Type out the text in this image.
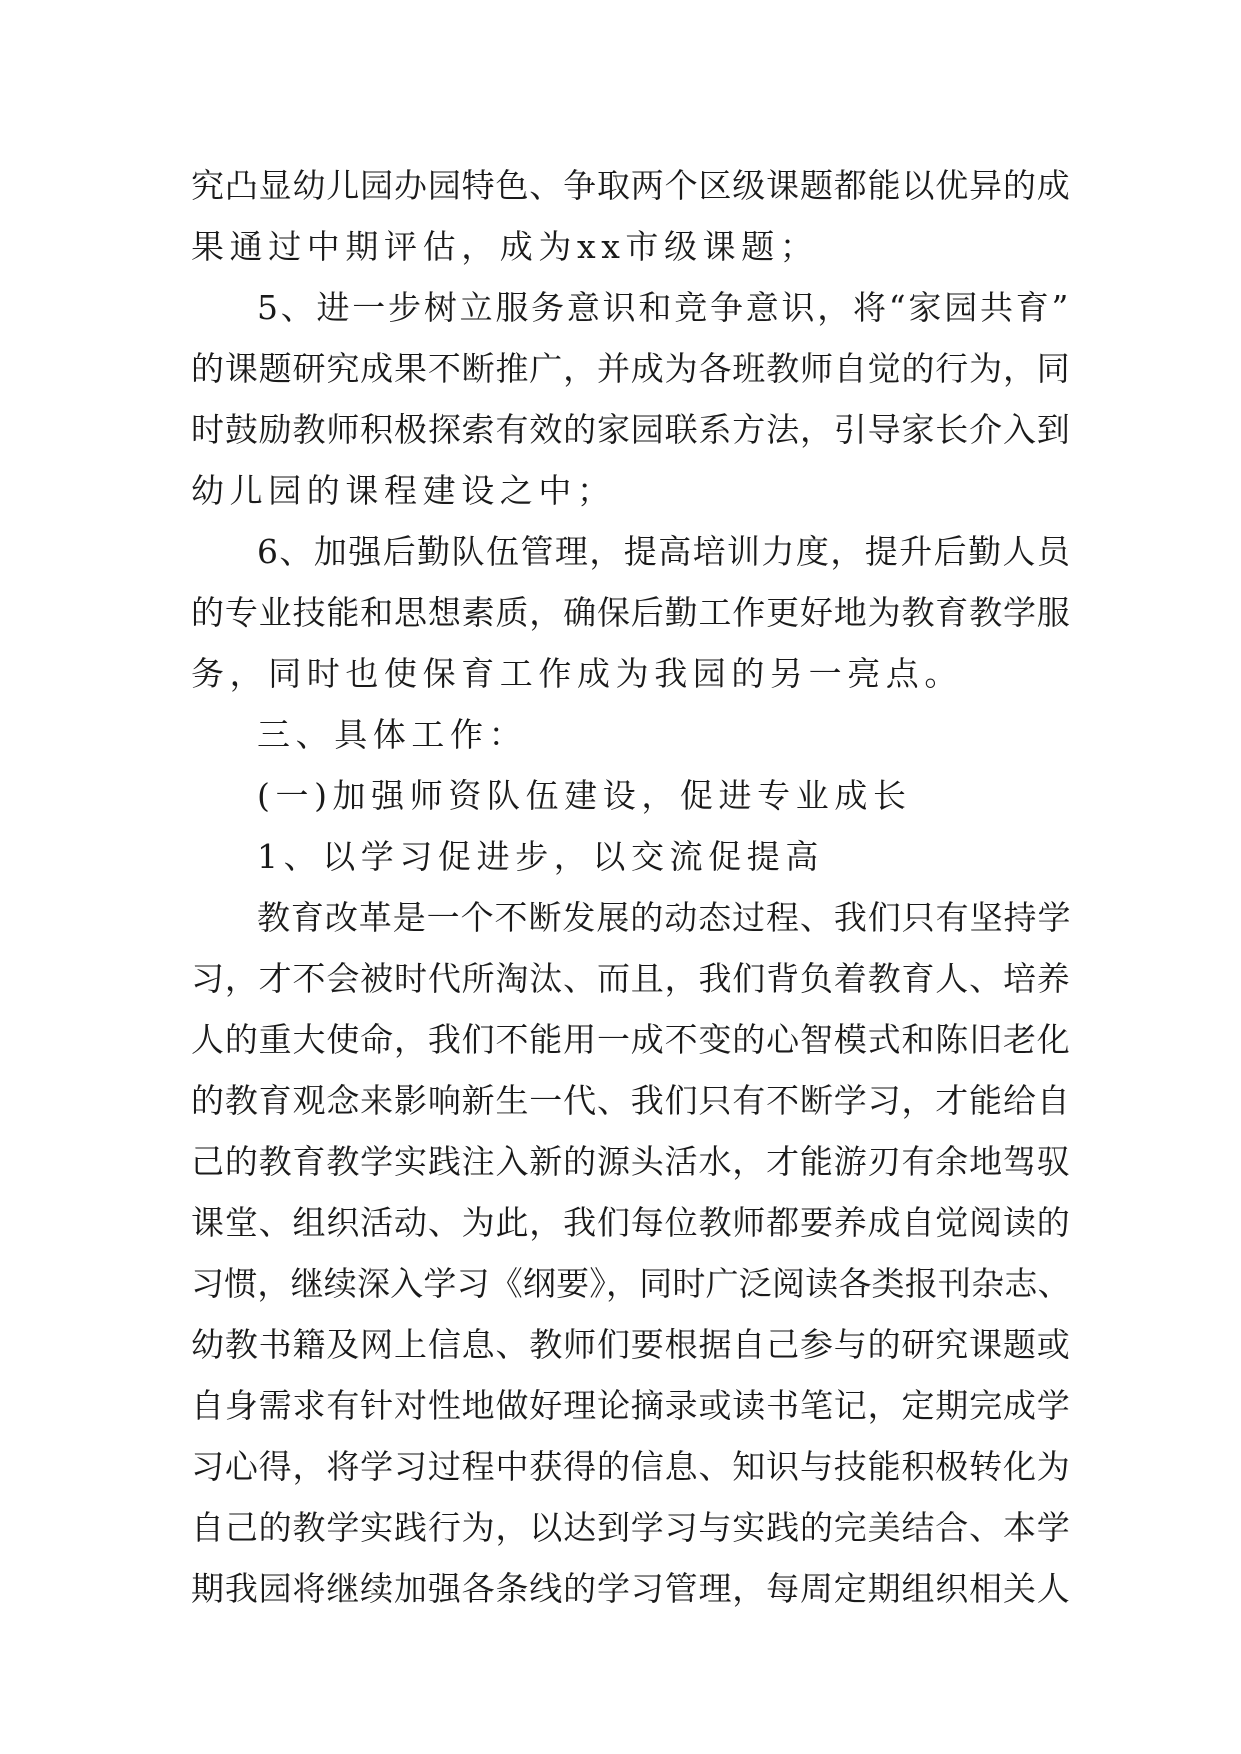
究凸显幼儿园办园特色、争取两个区级课题都能以优异的成
果通过中期评估，成为xx市级课题；
5、进一步树立服务意识和竞争意识，将“家园共育”
的课题研究成果不断推广，并成为各班教师自觉的行为，同
时鼓励教师积极探索有效的家园联系方法，引导家长介入到
幼儿园的课程建设之中；
6、加强后勤队伍管理，提高培训力度，提升后勤人员
的专业技能和思想素质，确保后勤工作更好地为教育教学服
务，同时也使保育工作成为我园的另一亮点。
三、具体工作：
(一)加强师资队伍建设，促进专业成长
1、以学习促进步，以交流促提高
教育改革是一个不断发展的动态过程、我们只有坚持学
习，才不会被时代所淘汰、而且，我们背负着教育人、培养
人的重大使命，我们不能用一成不变的心智模式和陈旧老化
的教育观念来影响新生一代、我们只有不断学习，才能给自
己的教育教学实践注入新的源头活水，才能游刃有余地驾驭
课堂、组织活动、为此，我们每位教师都要养成自觉阅读的
习惯，继续深入学习《纲要》，同时广泛阅读各类报刊杂志、
幼教书籍及网上信息、教师们要根据自己参与的研究课题或
自身需求有针对性地做好理论摘录或读书笔记，定期完成学
习心得，将学习过程中获得的信息、知识与技能积极转化为
自己的教学实践行为，以达到学习与实践的完美结合、本学
期我园将继续加强各条线的学习管理，每周定期组织相关人
